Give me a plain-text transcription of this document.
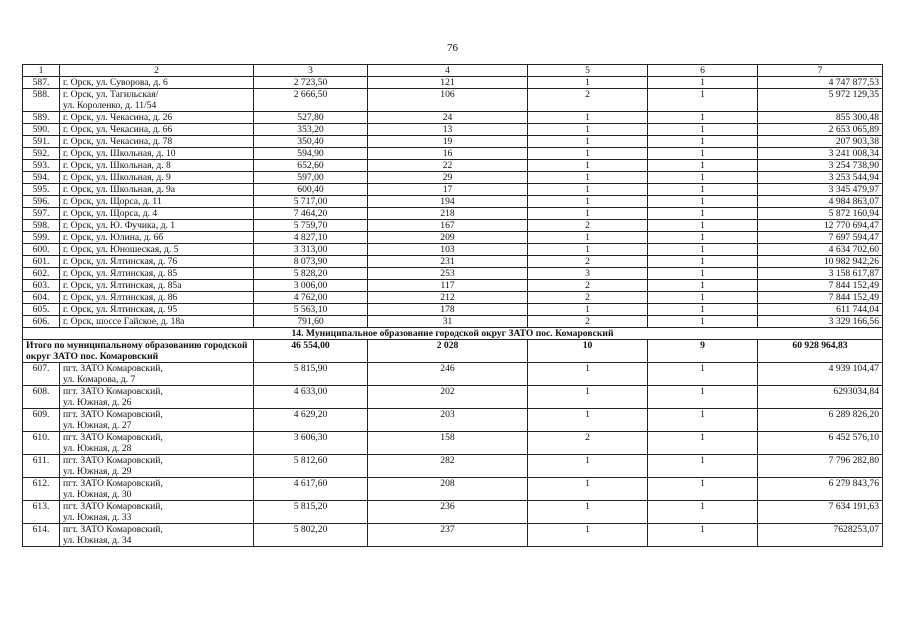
76
1	2	3	4	5	6	7
587.	г. Орск, ул. Суворова, д. 6	2 723,50	121	1	1	4 747 877,53
588.	г. Орск, ул. Тагильская/
ул. Короленко, д. 11/54	2 666,50	106	2	1	5 972 129,35
589.	г. Орск, ул. Чекасина, д. 26	527,80	24	1	1	855 300,48
590.	г. Орск, ул. Чекасина, д. 66	353,20	13	1	1	2 653 065,89
591.	г. Орск, ул. Чекасина, д. 78	350,40	19	1	1	207 903,38
592.	г. Орск, ул. Школьная, д. 10	594,90	16	1	1	3 241 008,34
593.	г. Орск, ул. Школьная, д. 8	652,60	22	1	1	3 254 738,90
594.	г. Орск, ул. Школьная, д. 9	597,00	29	1	1	3 253 544,94
595.	г. Орск, ул. Школьная, д. 9а	600,40	17	1	1	3 345 479,97
596.	г. Орск, ул. Щорса, д. 11	5 717,00	194	1	1	4 984 863,07
597.	г. Орск, ул. Щорса, д. 4	7 464,20	218	1	1	5 872 160,94
598.	г. Орск, ул. Ю. Фучика, д. 1	5 759,70	167	2	1	12 770 694,47
599.	г. Орск, ул. Юлина, д. 6б	4 827,10	209	1	1	7 697 594,47
600.	г. Орск, ул. Юношеская, д. 5	3 313,00	103	1	1	4 634 702,60
601.	г. Орск, ул. Ялтинская, д. 76	8 073,90	231	2	1	10 982 942,26
602.	г. Орск, ул. Ялтинская, д. 85	5 828,20	253	3	1	3 158 617,87
603.	г. Орск, ул. Ялтинская, д. 85а	3 006,00	117	2	1	7 844 152,49
604.	г. Орск, ул. Ялтинская, д. 86	4 762,00	212	2	1	7 844 152,49
605.	г. Орск, ул. Ялтинская, д. 95	5 563,10	178	1	1	611 744,04
606.	г. Орск, шоссе Гайское, д. 18а	791,60	31	2	1	3 329 166,56
14. Муниципальное образование городской округ ЗАТО пос. Комаровский						
Итого по муниципальному образованию городской округ ЗАТО пос. Комаровский		46 554,00	2 028	10	9	60 928 964,83
607.	пгт. ЗАТО Комаровский,
ул. Комарова, д. 7	5 815,90	246	1	1	4 939 104,47
608.	пгт. ЗАТО Комаровский,
ул. Южная, д. 26	4 633,00	202	1	1	6293034,84
609.	пгт. ЗАТО Комаровский,
ул. Южная, д. 27	4 629,20	203	1	1	6 289 826,20
610.	пгт. ЗАТО Комаровский,
ул. Южная, д. 28	3 606,30	158	2	1	6 452 576,10
611.	пгт. ЗАТО Комаровский,
ул. Южная, д. 29	5 812,60	282	1	1	7 796 282,80
612.	пгт. ЗАТО Комаровский,
ул. Южная, д. 30	4 617,60	208	1	1	6 279 843,76
613.	пгт. ЗАТО Комаровский,
ул. Южная, д. 33	5 815,20	236	1	1	7 634 191,63
614.	пгт. ЗАТО Комаровский,
ул. Южная, д. 34	5 802,20	237	1	1	7628253,07
